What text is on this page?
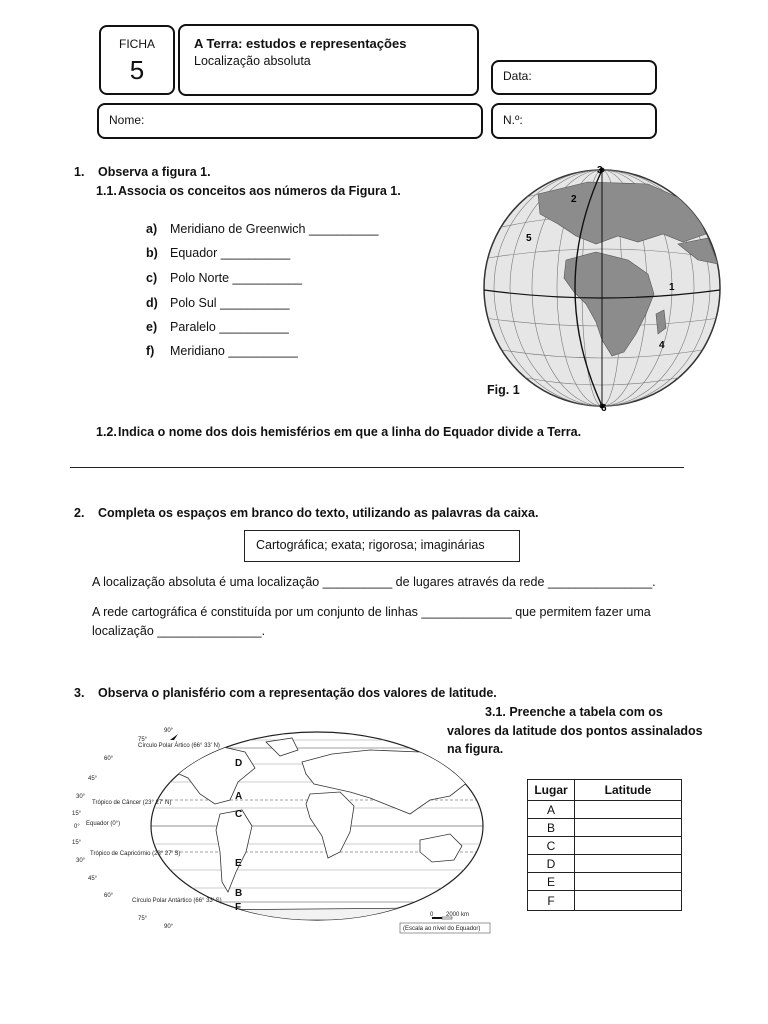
FICHA
5
A Terra: estudos e representações
Localização absoluta
Data:
Nome:	N.º:
1. Observa a figura 1.
1.1.Associa os conceitos aos números da Figura 1.
a) Meridiano de Greenwich __________
b) Equador __________
c) Polo Norte __________
d) Polo Sul __________
e) Paralelo __________
f) Meridiano __________
1
2
3
4
5
6
Fig. 1
1.2.Indica o nome dos dois hemisférios em que a linha do Equador divide a Terra.
2. Completa os espaços em branco do texto, utilizando as palavras da caixa.
Cartográfica; exata; rigorosa; imaginárias
A localização absoluta é uma localização __________ de lugares através da rede _______________.
A rede cartográfica é constituída por um conjunto de linhas _____________ que permitem fazer uma
localização _______________.
3. Observa o planisfério com a representação dos valores de latitude.
3.1. Preenche a tabela com os
valores da latitude dos pontos assinalados
na figura.
90°
75°
60°
45°
30°
15°
0°
15°
30°
45°
60°
75°
90°
Círculo Polar Ártico (66° 33' N)
Trópico de Câncer (23° 27' N)
Equador (0°)
Trópico de Capricórnio (23° 27' S)
Círculo Polar Antártico (66° 33' S)
D
A
C
E
B
F
0 2000 km
(Escala ao nível do Equador)
Lugar	Latitude
A	
B	
C	
D	
E	
F	
